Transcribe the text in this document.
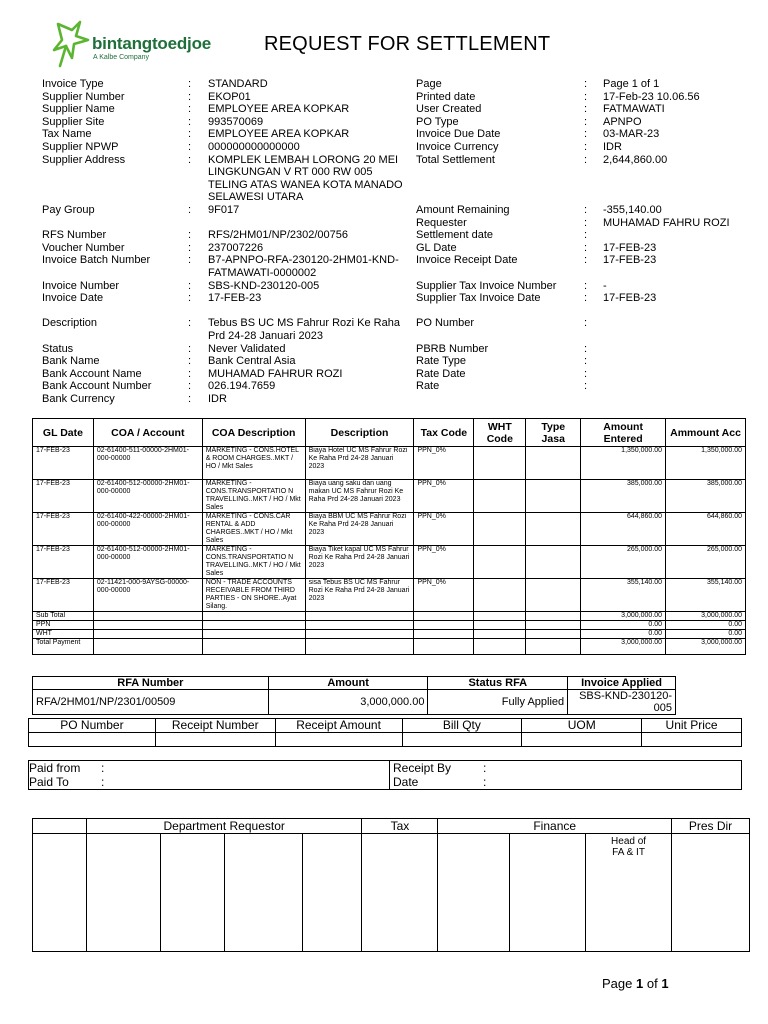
bintangtoedjoe
A Kalbe Company
REQUEST FOR SETTLEMENT
Invoice Type	: STANDARD
Supplier Number	: EKOP01
Supplier Name	: EMPLOYEE AREA KOPKAR
Supplier Site	: 993570069
Tax Name	: EMPLOYEE AREA KOPKAR
Supplier NPWP	: 000000000000000
Supplier Address	: KOMPLEK LEMBAH LORONG 20 MEI LINGKUNGAN V RT 000 RW 005 TELING ATAS WANEA KOTA MANADO SELAWESI UTARA
Pay Group	: 9F017
RFS Number	: RFS/2HM01/NP/2302/00756
Voucher Number	: 237007226
Invoice Batch Number	: B7-APNPO-RFA-230120-2HM01-KND-FATMAWATI-0000002
Invoice Number	: SBS-KND-230120-005
Invoice Date	: 17-FEB-23
Description	: Tebus BS UC MS Fahrur Rozi Ke Raha Prd 24-28 Januari 2023
Status	: Never Validated
Bank Name	: Bank Central Asia
Bank Account Name	: MUHAMAD FAHRUR ROZI
Bank Account Number	: 026.194.7659
Bank Currency	: IDR
Page	: Page 1 of 1
Printed date	: 17-Feb-23 10.06.56
User Created	: FATMAWATI
PO Type	: APNPO
Invoice Due Date	: 03-MAR-23
Invoice Currency	: IDR
Total Settlement	: 2,644,860.00
Amount Remaining	: -355,140.00
Requester	: MUHAMAD FAHRU ROZI
Settlement date	:
GL Date	: 17-FEB-23
Invoice Receipt Date	: 17-FEB-23
Supplier Tax Invoice Number	: -
Supplier Tax Invoice Date	: 17-FEB-23
PO Number	:
PBRB Number	:
Rate Type	:
Rate Date	:
Rate	:
GL Date	COA / Account	COA Description	Description	Tax Code	WHT Code	Type Jasa	Amount Entered	Ammount Acc
17-FEB-23	02-61400-511-00000-2HM01-000-00000	MARKETING - CONS.HOTEL & ROOM CHARGES..MKT / HO / Mkt Sales	Biaya Hotel UC MS Fahrur Rozi Ke Raha Prd 24-28 Januari 2023	PPN_0%			1,350,000.00	1,350,000.00
17-FEB-23	02-61400-512-00000-2HM01-000-00000	MARKETING - CONS.TRANSPORTATIO N TRAVELLING..MKT / HO / Mkt Sales	Biaya uang saku dan uang makan UC MS Fahrur Rozi Ke Raha Prd 24-28 Januari 2023	PPN_0%			385,000.00	385,000.00
17-FEB-23	02-61400-422-00000-2HM01-000-00000	MARKETING - CONS.CAR RENTAL & ADD CHARGES..MKT / HO / Mkt Sales	Biaya BBM UC MS Fahrur Rozi Ke Raha Prd 24-28 Januari 2023	PPN_0%			644,860.00	644,860.00
17-FEB-23	02-61400-512-00000-2HM01-000-00000	MARKETING - CONS.TRANSPORTATIO N TRAVELLING..MKT / HO / Mkt Sales	Biaya Tiket kapal UC MS Fahrur Rozi Ke Raha Prd 24-28 Januari 2023	PPN_0%			265,000.00	265,000.00
17-FEB-23	02-11421-000-9AYSG-00000-000-00000	NON - TRADE ACCOUNTS RECEIVABLE FROM THIRD PARTIES - ON SHORE..Ayat Silang.	sisa Tebus BS UC MS Fahrur Rozi Ke Raha Prd 24-28 Januari 2023	PPN_0%			355,140.00	355,140.00
Sub Total							3,000,000.00	3,000,000.00
PPN							0.00	0.00
WHT							0.00	0.00
Total Payment							3,000,000.00	3,000,000.00
RFA Number	Amount	Status RFA	Invoice Applied
RFA/2HM01/NP/2301/00509	3,000,000.00	Fully Applied	SBS-KND-230120-005
PO Number	Receipt Number	Receipt Amount	Bill Qty	UOM	Unit Price

Paid from :
Paid To	:
Receipt By	:
Date	:
	Department Requestor				Tax	Finance			Pres Dir

								Head of FA & IT	

Page 1 of 1
